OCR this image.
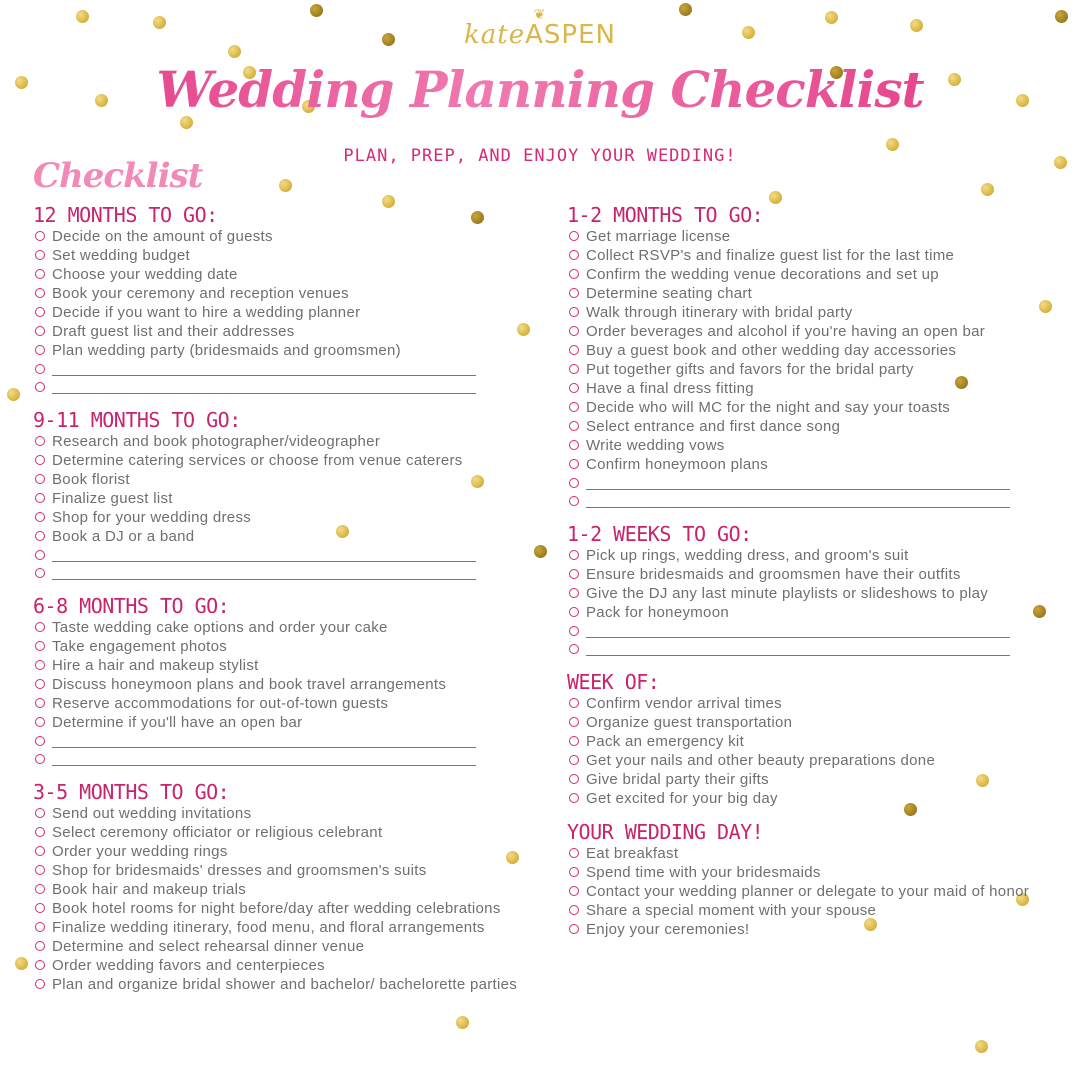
❦
kateASPEN
Wedding Planning Checklist
PLAN, PREP, AND ENJOY YOUR WEDDING!
Checklist
12 MONTHS TO GO:
Decide on the amount of guests
Set wedding budget
Choose your wedding date
Book your ceremony and reception venues
Decide if you want to hire a wedding planner
Draft guest list and their addresses
Plan wedding party (bridesmaids and groomsmen)
9-11 MONTHS TO GO:
Research and book photographer/videographer
Determine catering services or choose from venue caterers
Book florist
Finalize guest list
Shop for your wedding dress
Book a DJ or a band
6-8 MONTHS TO GO:
Taste wedding cake options and order your cake
Take engagement photos
Hire a hair and makeup stylist
Discuss honeymoon plans and book travel arrangements
Reserve accommodations for out-of-town guests
Determine if you'll have an open bar
3-5 MONTHS TO GO:
Send out wedding invitations
Select ceremony officiator or religious celebrant
Order your wedding rings
Shop for bridesmaids' dresses and groomsmen's suits
Book hair and makeup trials
Book hotel rooms for night before/day after wedding celebrations
Finalize wedding itinerary, food menu, and floral arrangements
Determine and select rehearsal dinner venue
Order wedding favors and centerpieces
Plan and organize bridal shower and bachelor/ bachelorette parties
1-2 MONTHS TO GO:
Get marriage license
Collect RSVP's and finalize guest list for the last time
Confirm the wedding venue decorations and set up
Determine seating chart
Walk through itinerary with bridal party
Order beverages and alcohol if you're having an open bar
Buy a guest book and other wedding day accessories
Put together gifts and favors for the bridal party
Have a final dress fitting
Decide who will MC for the night and say your toasts
Select entrance and first dance song
Write wedding vows
Confirm honeymoon plans
1-2 WEEKS TO GO:
Pick up rings, wedding dress, and groom's suit
Ensure bridesmaids and groomsmen have their outfits
Give the DJ any last minute playlists or slideshows to play
Pack for honeymoon
WEEK OF:
Confirm vendor arrival times
Organize guest transportation
Pack an emergency kit
Get your nails and other beauty preparations done
Give bridal party their gifts
Get excited for your big day
YOUR WEDDING DAY!
Eat breakfast
Spend time with your bridesmaids
Contact your wedding planner or delegate to your maid of honor
Share a special moment with your spouse
Enjoy your ceremonies!
